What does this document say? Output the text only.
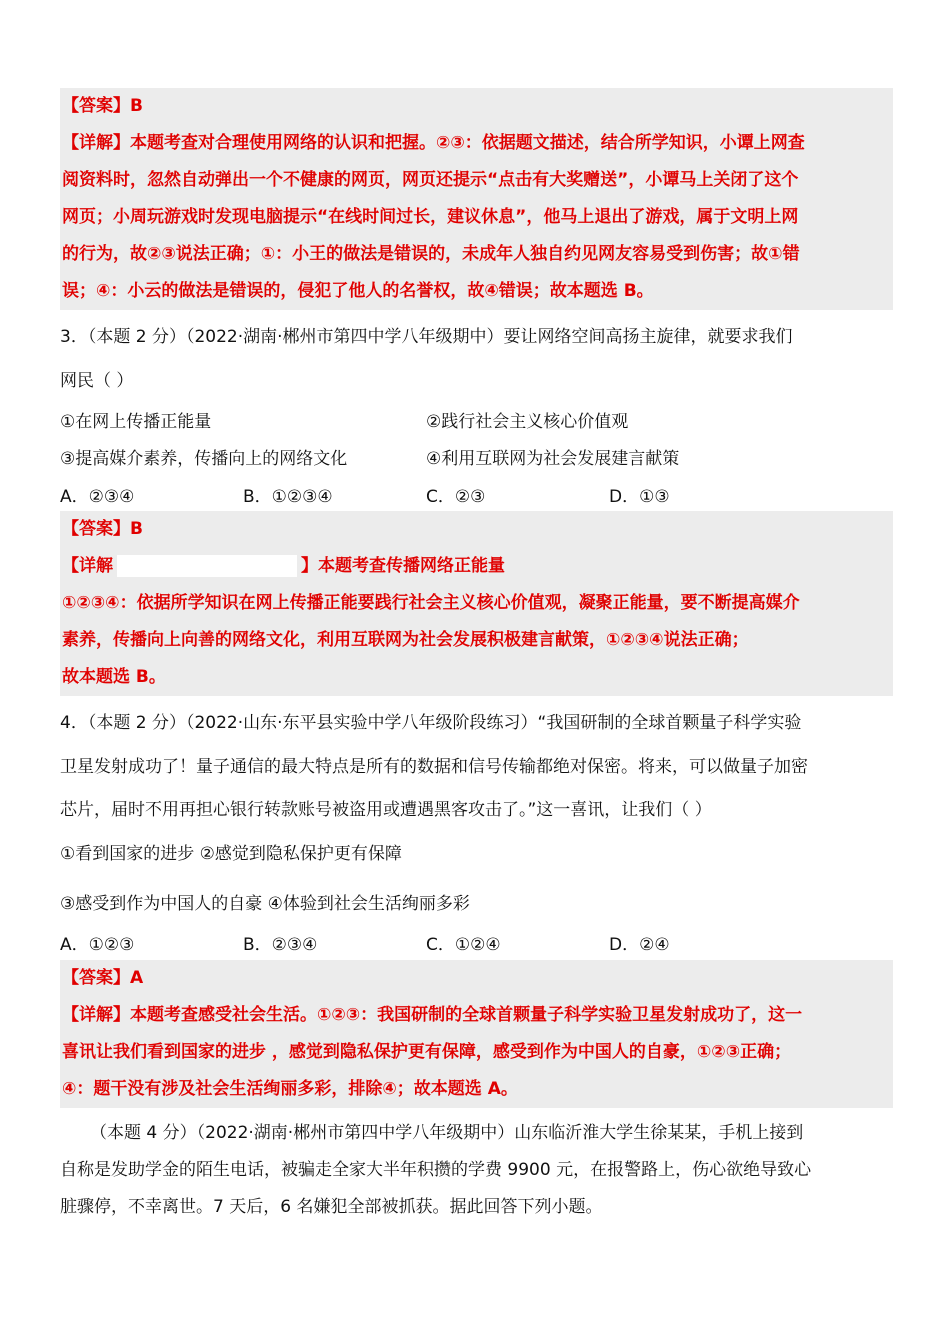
【答案】B

【详解】本题考查对合理使用网络的认识和把握。②③：依据题文描述，结合所学知识，小谭上网查

阅资料时，忽然自动弹出一个不健康的网页，网页还提示“点击有大奖赠送”，小谭马上关闭了这个

网页；小周玩游戏时发现电脑提示“在线时间过长，建议休息”，他马上退出了游戏，属于文明上网

的行为，故②③说法正确；①：小王的做法是错误的，未成年人独自约见网友容易受到伤害；故①错

误；④：小云的做法是错误的，侵犯了他人的名誉权，故④错误；故本题选 B。

3．（本题 2 分）（2022·湖南·郴州市第四中学八年级期中）要让网络空间高扬主旋律，就要求我们
网民（ ）
①在网上传播正能量	②践行社会主义核心价值观
③提高媒介素养，传播向上的网络文化	④利用互联网为社会发展建言献策
A．②③④	B．①②③④	C．②③	D．①③

【答案】B

【详解	】本题考查传播网络正能量

①②③④：依据所学知识在网上传播正能要践行社会主义核心价值观，凝聚正能量，要不断提高媒介

素养，传播向上向善的网络文化，利用互联网为社会发展积极建言献策，①②③④说法正确；

故本题选 B。

4．（本题 2 分）（2022·山东·东平县实验中学八年级阶段练习）“我国研制的全球首颗量子科学实验
卫星发射成功了！量子通信的最大特点是所有的数据和信号传输都绝对保密。将来，可以做量子加密
芯片，届时不用再担心银行转款账号被盗用或遭遇黑客攻击了。”这一喜讯，让我们（ ）
①看到国家的进步 ②感觉到隐私保护更有保障
③感受到作为中国人的自豪 ④体验到社会生活绚丽多彩
A．①②③	B．②③④	C．①②④	D．②④

【答案】A

【详解】本题考查感受社会生活。①②③：我国研制的全球首颗量子科学实验卫星发射成功了，这一

喜讯让我们看到国家的进步 ，感觉到隐私保护更有保障，感受到作为中国人的自豪，①②③正确；

④：题干没有涉及社会生活绚丽多彩，排除④；故本题选 A。

（本题 4 分）（2022·湖南·郴州市第四中学八年级期中）山东临沂淮大学生徐某某，手机上接到
自称是发助学金的陌生电话，被骗走全家大半年积攒的学费 9900 元，在报警路上，伤心欲绝导致心
脏骤停，不幸离世。7 天后，6 名嫌犯全部被抓获。据此回答下列小题。
